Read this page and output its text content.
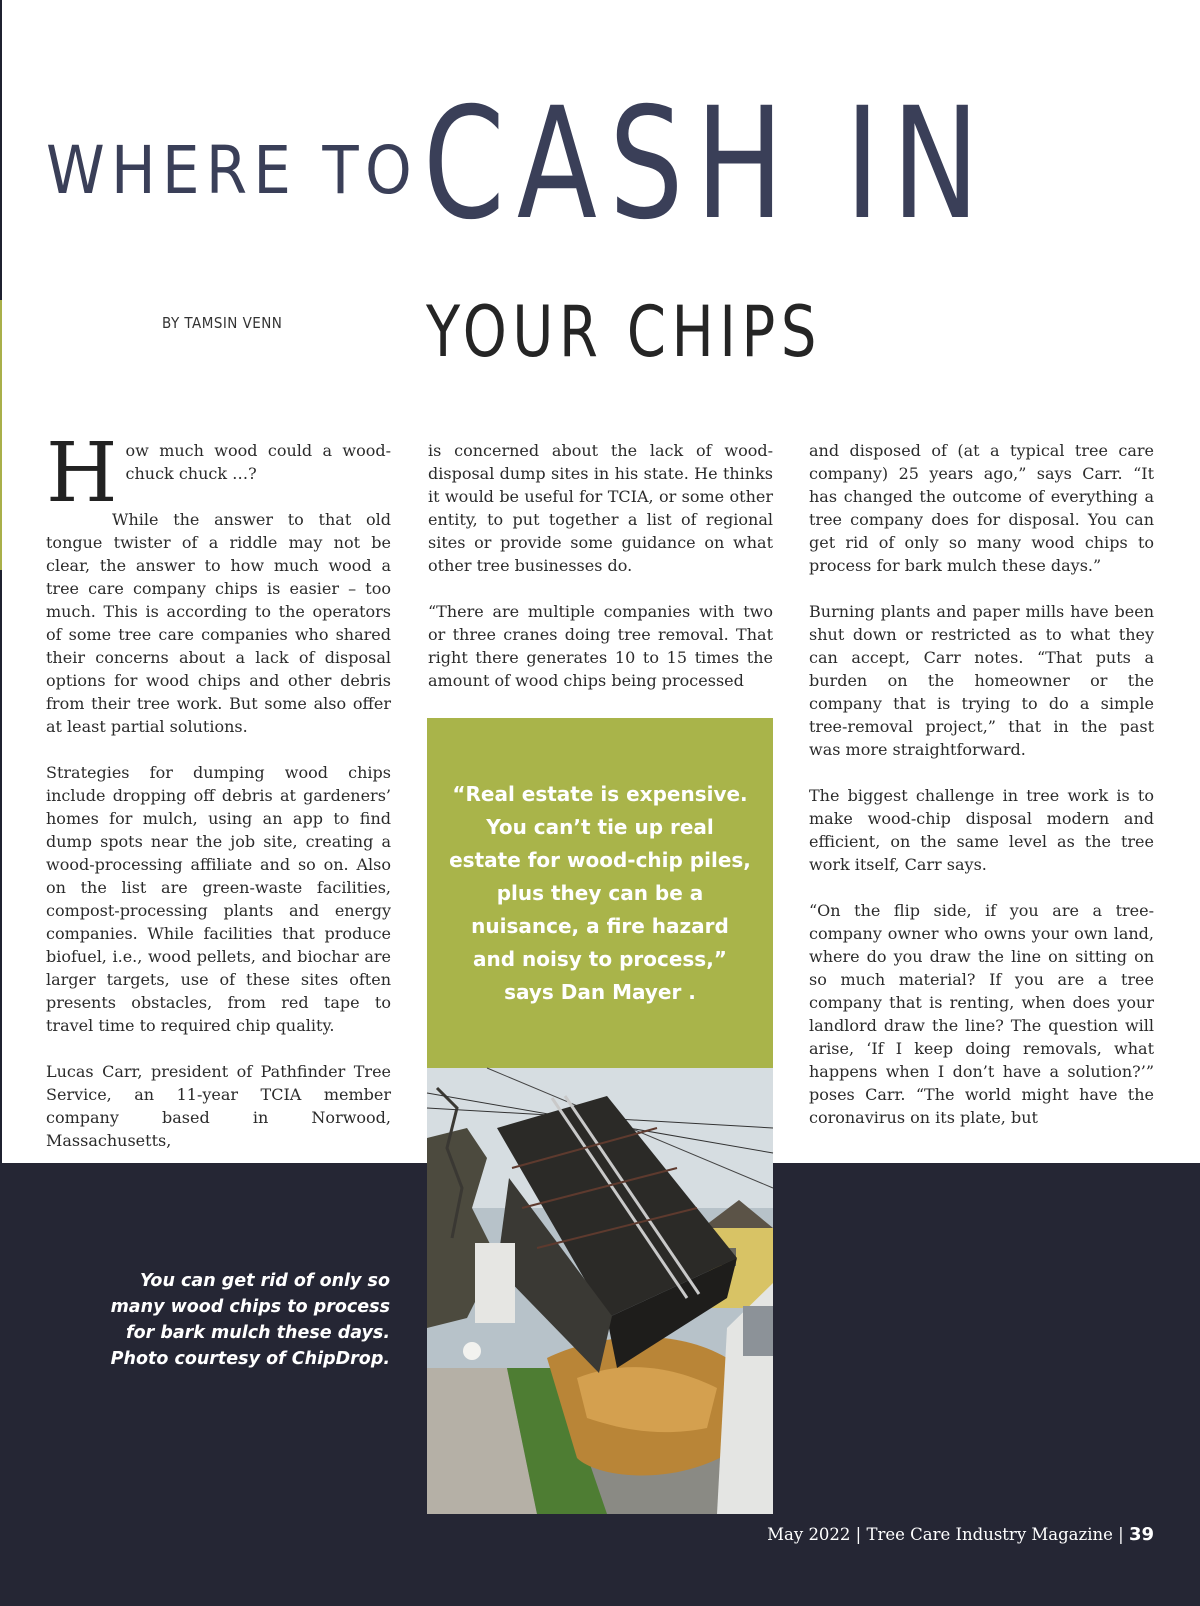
WHERE TO CASH IN
YOUR CHIPS
BY TAMSIN VENN

How much wood could a wood-chuck chuck …?

While the answer to that old tongue twister of a riddle may not be clear, the answer to how much wood a tree care company chips is easier – too much. This is according to the operators of some tree care companies who shared their concerns about a lack of disposal options for wood chips and other debris from their tree work. But some also offer at least partial solutions.

Strategies for dumping wood chips include dropping off debris at gardeners’ homes for mulch, using an app to find dump spots near the job site, creating a wood-processing affiliate and so on. Also on the list are green-waste facilities, compost-processing plants and energy companies. While facilities that produce biofuel, i.e., wood pellets, and biochar are larger targets, use of these sites often presents obstacles, from red tape to travel time to required chip quality.

Lucas Carr, president of Pathfinder Tree Service, an 11-year TCIA member company based in Norwood, Massachusetts,

is concerned about the lack of wood-disposal dump sites in his state. He thinks it would be useful for TCIA, or some other entity, to put together a list of regional sites or provide some guidance on what other tree businesses do.

“There are multiple companies with two or three cranes doing tree removal. That right there generates 10 to 15 times the amount of wood chips being processed

and disposed of (at a typical tree care company) 25 years ago,” says Carr. “It has changed the outcome of everything a tree company does for disposal. You can get rid of only so many wood chips to process for bark mulch these days.”

Burning plants and paper mills have been shut down or restricted as to what they can accept, Carr notes. “That puts a burden on the homeowner or the company that is trying to do a simple tree-removal project,” that in the past was more straightforward.

The biggest challenge in tree work is to make wood-chip disposal modern and efficient, on the same level as the tree work itself, Carr says.

“On the flip side, if you are a tree-company owner who owns your own land, where do you draw the line on sitting on so much material? If you are a tree company that is renting, when does your landlord draw the line? The question will arise, ‘If I keep doing removals, what happens when I don’t have a solution?’” poses Carr. “The world might have the coronavirus on its plate, but

“Real estate is expensive. You can’t tie up real estate for wood-chip piles, plus they can be a nuisance, a fire hazard and noisy to process,” says Dan Mayer .

You can get rid of only so many wood chips to process for bark mulch these days. Photo courtesy of ChipDrop.

May 2022 | Tree Care Industry Magazine | 39
